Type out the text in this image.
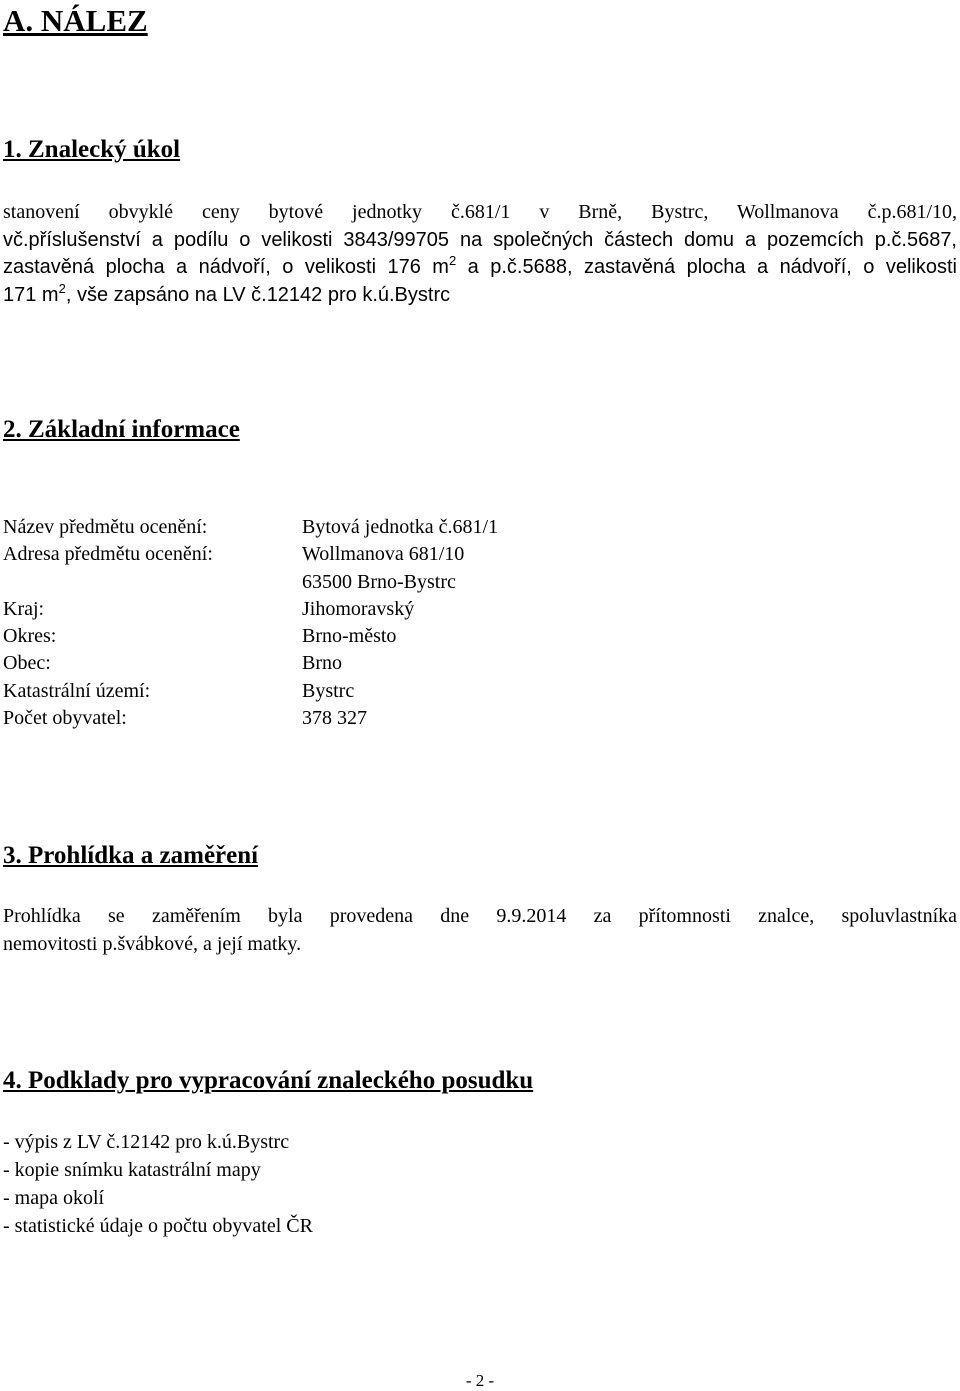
A. NÁLEZ
1. Znalecký úkol
stanovení obvyklé ceny bytové jednotky č.681/1 v Brně, Bystrc, Wollmanova č.p.681/10,
vč.příslušenství a podílu o velikosti 3843/99705 na společných částech domu a pozemcích p.č.5687,
zastavěná plocha a nádvoří, o velikosti 176 $m^2$ a p.č.5688, zastavěná plocha a nádvoří, o velikosti
171 $m^2$, vše zapsáno na LV č.12142 pro k.ú.Bystrc
2. Základní informace
Název předmětu ocenění:	Bytová jednotka č.681/1
Adresa předmětu ocenění:	Wollmanova 681/10
63500 Brno-Bystrc
Kraj:	Jihomoravský
Okres:	Brno-město
Obec:	Brno
Katastrální území:	Bystrc
Počet obyvatel:	378 327
3. Prohlídka a zaměření
Prohlídka se zaměřením byla provedena dne 9.9.2014 za přítomnosti znalce, spoluvlastníka
nemovitosti p.švábkové, a její matky.
4. Podklady pro vypracování znaleckého posudku
- výpis z LV č.12142 pro k.ú.Bystrc
- kopie snímku katastrální mapy
- mapa okolí
- statistické údaje o počtu obyvatel ČR
- 2 -
